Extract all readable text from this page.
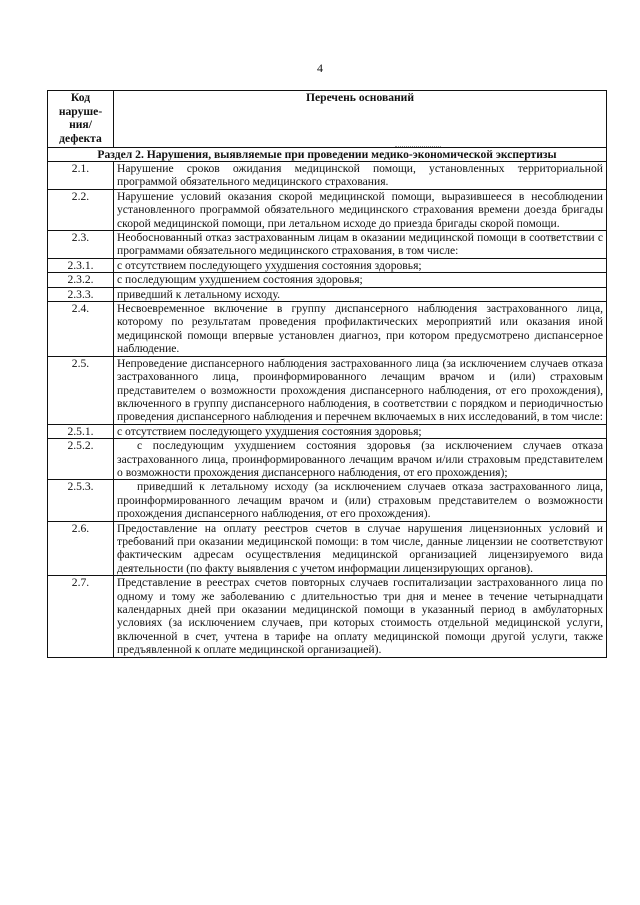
4
Код
наруше-
ния/
дефекта	Перечень оснований
Раздел 2. Нарушения, выявляемые при проведении медико-экономической экспертизы	
2.1.	Нарушение сроков ожидания медицинской помощи, установленных территориальной программой обязательного медицинского страхования.
2.2.	Нарушение условий оказания скорой медицинской помощи, выразившееся в несоблюдении установленного программой обязательного медицинского страхования времени доезда бригады скорой медицинской помощи, при летальном исходе до приезда бригады скорой помощи.
2.3.	Необоснованный отказ застрахованным лицам в оказании медицинской помощи в соответствии с программами обязательного медицинского страхования, в том числе:
2.3.1.	с отсутствием последующего ухудшения состояния здоровья;
2.3.2.	с последующим ухудшением состояния здоровья;
2.3.3.	приведший к летальному исходу.
2.4.	Несвоевременное включение в группу диспансерного наблюдения застрахованного лица, которому по результатам проведения профилактических мероприятий или оказания иной медицинской помощи впервые установлен диагноз, при котором предусмотрено диспансерное наблюдение.
2.5.	Непроведение диспансерного наблюдения застрахованного лица (за исключением случаев отказа застрахованного лица, проинформированного лечащим врачом и (или) страховым представителем о возможности прохождения диспансерного наблюдения, от его прохождения), включенного в группу диспансерного наблюдения, в соответствии с порядком и периодичностью проведения диспансерного наблюдения и перечнем включаемых в них исследований, в том числе:
2.5.1.	с отсутствием последующего ухудшения состояния здоровья;
2.5.2.	с последующим ухудшением состояния здоровья (за исключением случаев отказа застрахованного лица, проинформированного лечащим врачом и/или страховым представителем о возможности прохождения диспансерного наблюдения, от его прохождения);
2.5.3.	приведший к летальному исходу (за исключением случаев отказа застрахованного лица, проинформированного лечащим врачом и (или) страховым представителем о возможности прохождения диспансерного наблюдения, от его прохождения).
2.6.	Предоставление на оплату реестров счетов в случае нарушения лицензионных условий и требований при оказании медицинской помощи: в том числе, данные лицензии не соответствуют фактическим адресам осуществления медицинской организацией лицензируемого вида деятельности (по факту выявления с учетом информации лицензирующих органов).
2.7.	Представление в реестрах счетов повторных случаев госпитализации застрахованного лица по одному и тому же заболеванию с длительностью три дня и менее в течение четырнадцати календарных дней при оказании медицинской помощи в указанный период в амбулаторных условиях (за исключением случаев, при которых стоимость отдельной медицинской услуги, включенной в счет, учтена в тарифе на оплату медицинской помощи другой услуги, также предъявленной к оплате медицинской организацией).
